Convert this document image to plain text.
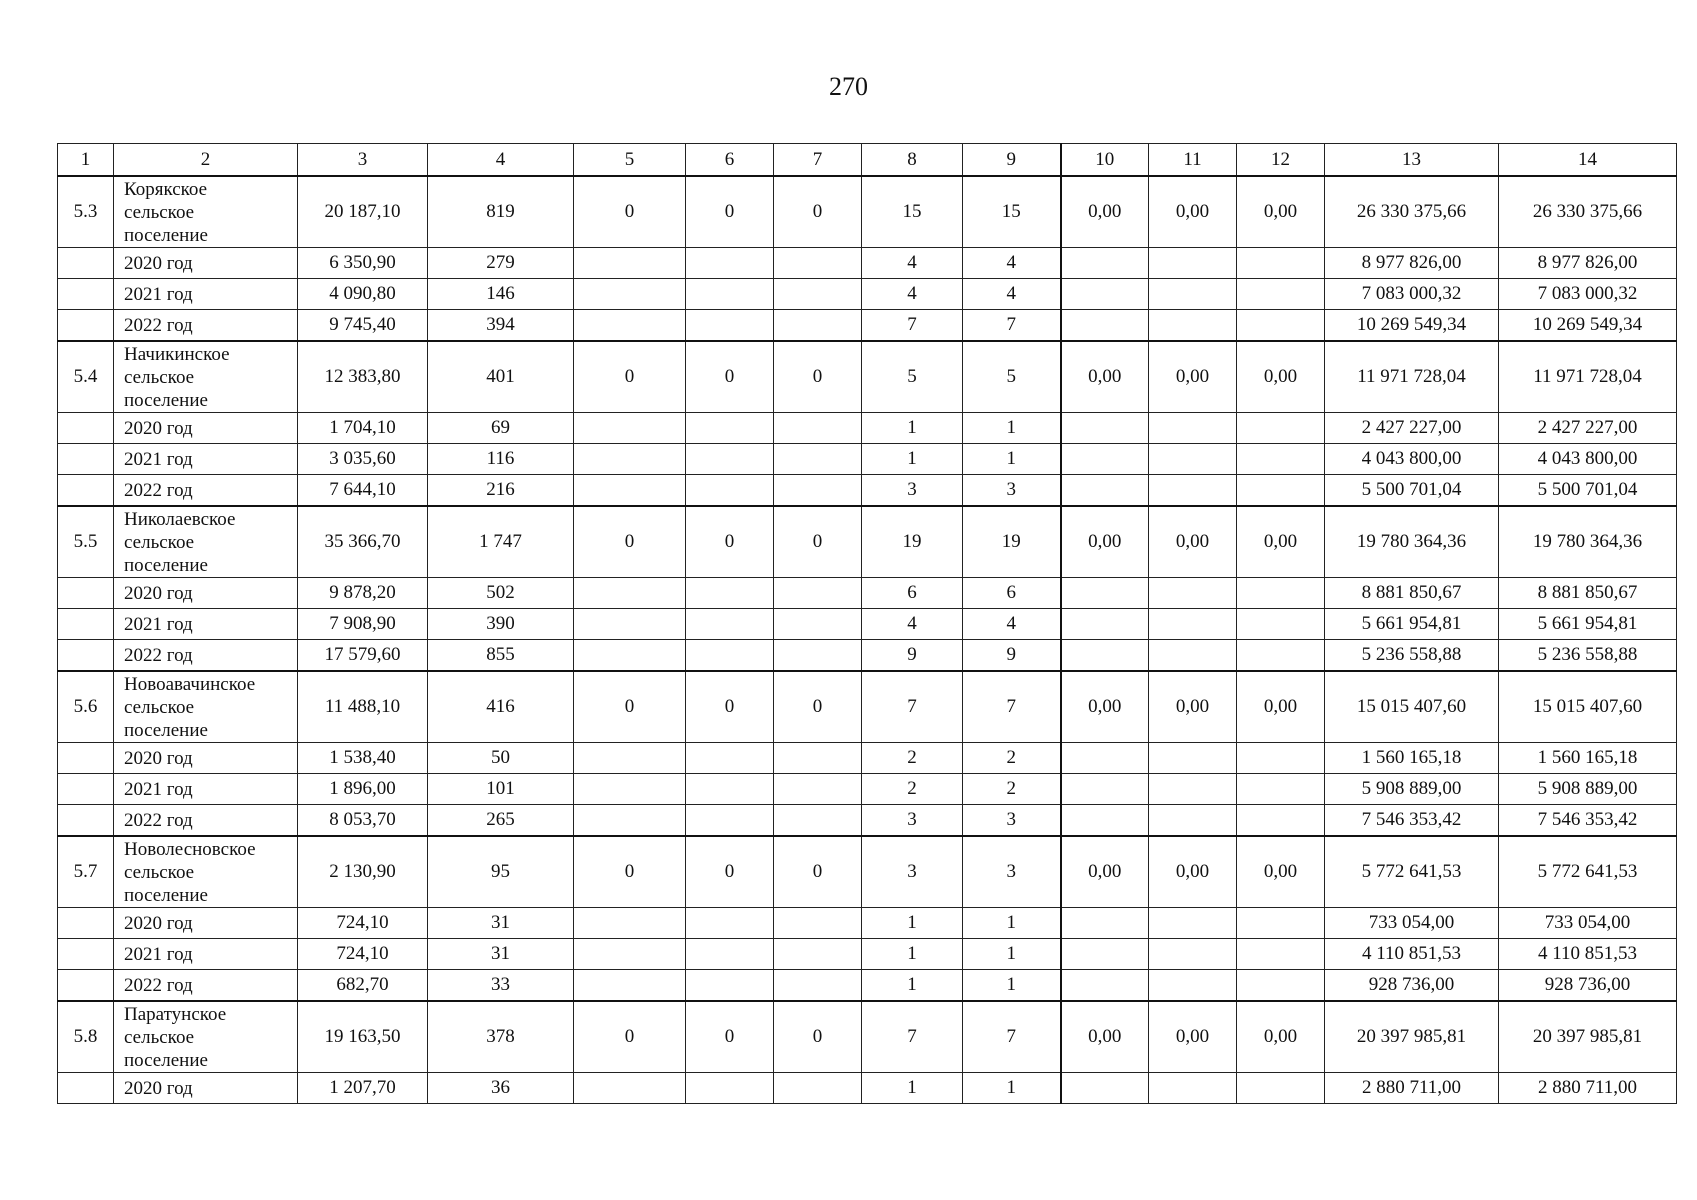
270
1	2	3	4	5	6	7	8	9	10	11	12	13	14
5.3	Корякское
сельское
поселение	20 187,10	819	0	0	0	15	15	0,00	0,00	0,00	26 330 375,66	26 330 375,66
	2020 год	6 350,90	279				4	4				8 977 826,00	8 977 826,00
	2021 год	4 090,80	146				4	4				7 083 000,32	7 083 000,32
	2022 год	9 745,40	394				7	7				10 269 549,34	10 269 549,34
5.4	Начикинское
сельское
поселение	12 383,80	401	0	0	0	5	5	0,00	0,00	0,00	11 971 728,04	11 971 728,04
	2020 год	1 704,10	69				1	1				2 427 227,00	2 427 227,00
	2021 год	3 035,60	116				1	1				4 043 800,00	4 043 800,00
	2022 год	7 644,10	216				3	3				5 500 701,04	5 500 701,04
5.5	Николаевское
сельское
поселение	35 366,70	1 747	0	0	0	19	19	0,00	0,00	0,00	19 780 364,36	19 780 364,36
	2020 год	9 878,20	502				6	6				8 881 850,67	8 881 850,67
	2021 год	7 908,90	390				4	4				5 661 954,81	5 661 954,81
	2022 год	17 579,60	855				9	9				5 236 558,88	5 236 558,88
5.6	Новоавачинское
сельское
поселение	11 488,10	416	0	0	0	7	7	0,00	0,00	0,00	15 015 407,60	15 015 407,60
	2020 год	1 538,40	50				2	2				1 560 165,18	1 560 165,18
	2021 год	1 896,00	101				2	2				5 908 889,00	5 908 889,00
	2022 год	8 053,70	265				3	3				7 546 353,42	7 546 353,42
5.7	Новолесновское
сельское
поселение	2 130,90	95	0	0	0	3	3	0,00	0,00	0,00	5 772 641,53	5 772 641,53
	2020 год	724,10	31				1	1				733 054,00	733 054,00
	2021 год	724,10	31				1	1				4 110 851,53	4 110 851,53
	2022 год	682,70	33				1	1				928 736,00	928 736,00
5.8	Паратунское
сельское
поселение	19 163,50	378	0	0	0	7	7	0,00	0,00	0,00	20 397 985,81	20 397 985,81
	2020 год	1 207,70	36				1	1				2 880 711,00	2 880 711,00
